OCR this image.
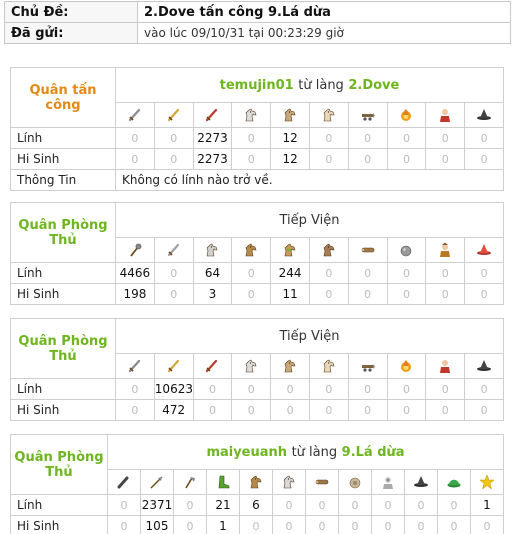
Chủ Đề:	2.Dove tấn công 9.Lá dừa
Đã gửi:	vào lúc 09/10/31 tại 00:23:29 giờ
Quân tấn công	temujin01 từ làng 2.Dove									

Lính	0	0	2273	0	12	0	0	0	0	0
Hi Sinh	0	0	2273	0	12	0	0	0	0	0
Thông Tin	Không có lính nào trở về.									
Quân Phòng Thủ	Tiếp Viện									

Lính	4466	0	64	0	244	0	0	0	0	0
Hi Sinh	198	0	3	0	11	0	0	0	0	0
Quân Phòng Thủ	Tiếp Viện									

Lính	0	10623	0	0	0	0	0	0	0	0
Hi Sinh	0	472	0	0	0	0	0	0	0	0
Quân Phòng Thủ	maiyeuanh từ làng 9.Lá dừa											

Lính	0	2371	0	21	6	0	0	0	0	0	0	1
Hi Sinh	0	105	0	1	0	0	0	0	0	0	0	0
